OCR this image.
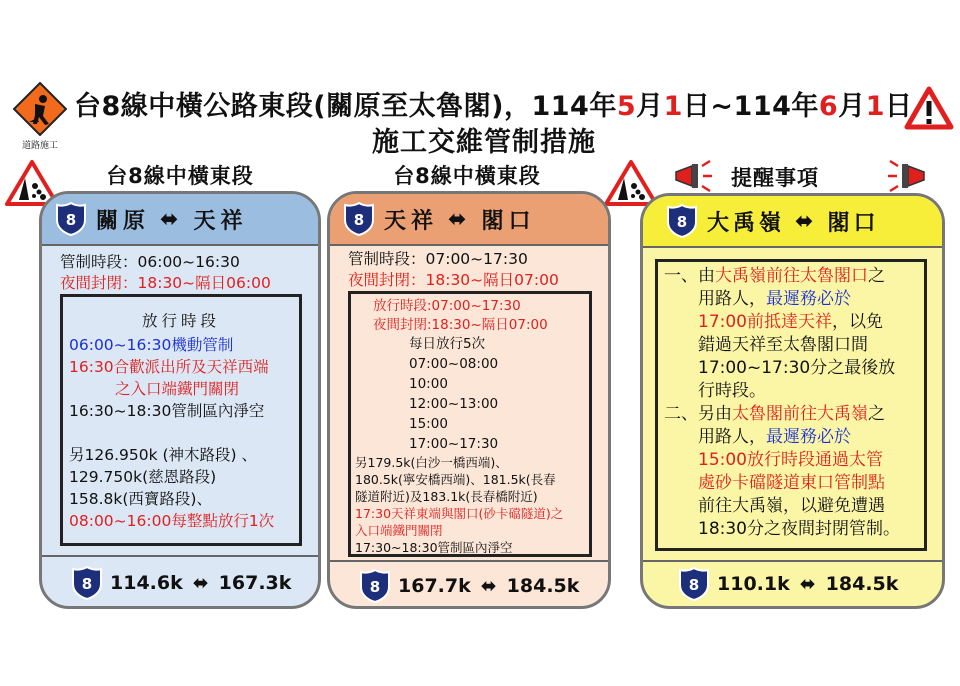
道路施工
台8線中橫公路東段(關原至太魯閣)，114年5月1日~114年6月1日
施工交維管制措施
台8線中橫東段	台8線中橫東段	提醒事項
8 關原 ⬌ 天祥
管制時段：06:00~16:30
夜間封閉：18:30~隔日06:00
放行時段
06:00~16:30機動管制
16:30合歡派出所及天祥西端
之入口端鐵門關閉
16:30~18:30管制區內淨空
另126.950k (神木路段) 、
129.750k(慈恩路段)
158.8k(西寶路段)、
08:00~16:00每整點放行1次
8 114.6k ⬌ 167.3k
8 天祥 ⬌ 閣口
管制時段：07:00~17:30
夜間封閉：18:30~隔日07:00
放行時段:07:00~17:30
夜間封閉:18:30~隔日07:00
每日放行5次
07:00~08:00
10:00
12:00~13:00
15:00
17:00~17:30
另179.5k(白沙一橋西端)、
180.5k(寧安橋西端)、181.5k(長春
隧道附近)及183.1k(長春橋附近)
17:30天祥東端與閣口(砂卡礑隧道)之
入口端鐵門關閉
17:30~18:30管制區內淨空
8 167.7k ⬌ 184.5k
8 大禹嶺 ⬌ 閣口
一、由大禹嶺前往太魯閣口之
用路人，最遲務必於
17:00前抵達天祥，以免
錯過天祥至太魯閣口間
17:00~17:30分之最後放
行時段。
二、另由太魯閣前往大禹嶺之
用路人，最遲務必於
15:00放行時段通過太管
處砂卡礑隧道東口管制點
前往大禹嶺，以避免遭遇
18:30分之夜間封閉管制。
8 110.1k ⬌ 184.5k
